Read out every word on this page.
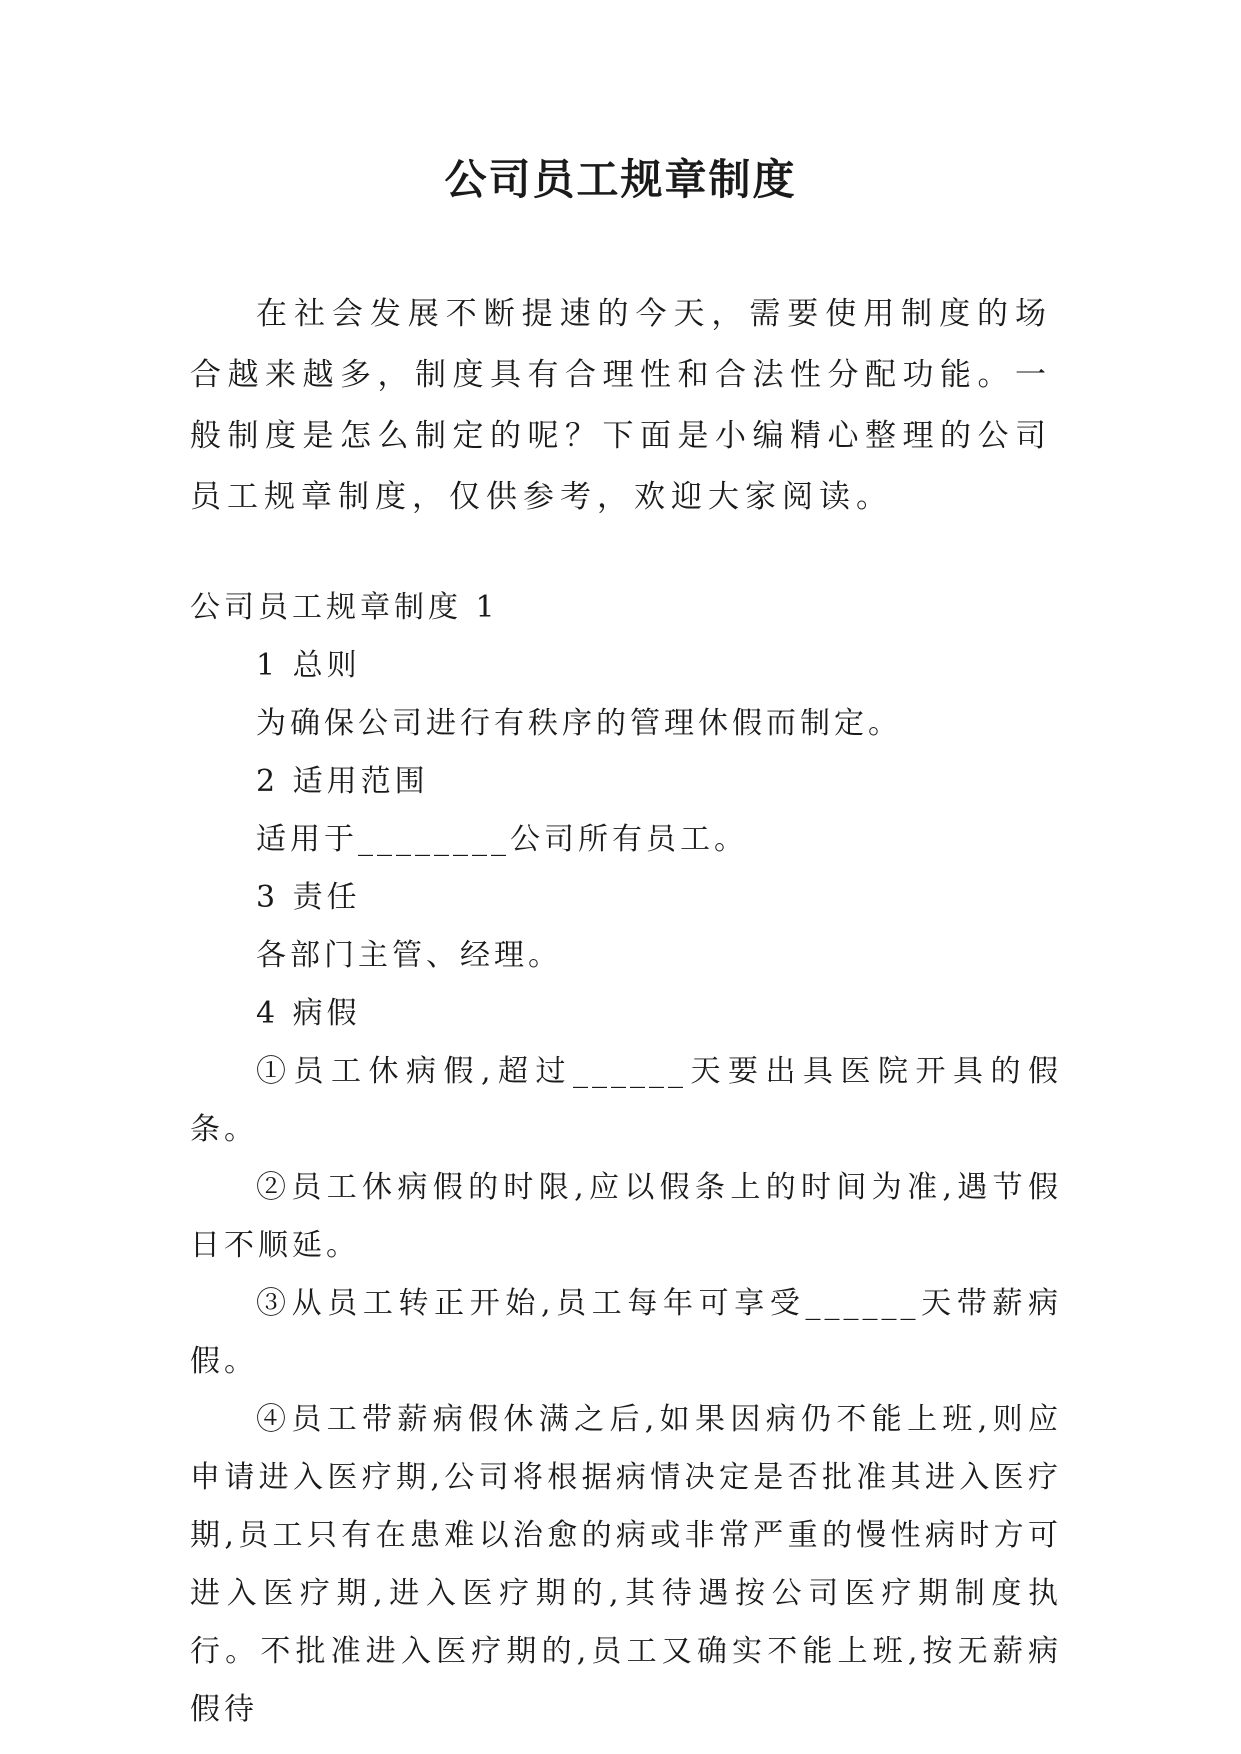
公司员工规章制度

在社会发展不断提速的今天，需要使用制度的场合越来越多，制度具有合理性和合法性分配功能。一般制度是怎么制定的呢？下面是小编精心整理的公司员工规章制度，仅供参考，欢迎大家阅读。

公司员工规章制度 1

1 总则

为确保公司进行有秩序的管理休假而制定。

2 适用范围

适用于________公司所有员工。

3 责任

各部门主管、经理。

4 病假

①员工休病假,超过______天要出具医院开具的假条。

②员工休病假的时限,应以假条上的时间为准,遇节假日不顺延。

③从员工转正开始,员工每年可享受______天带薪病假。

④员工带薪病假休满之后,如果因病仍不能上班,则应申请进入医疗期,公司将根据病情决定是否批准其进入医疗期,员工只有在患难以治愈的病或非常严重的慢性病时方可进入医疗期,进入医疗期的,其待遇按公司医疗期制度执行。不批准进入医疗期的,员工又确实不能上班,按无薪病假待
